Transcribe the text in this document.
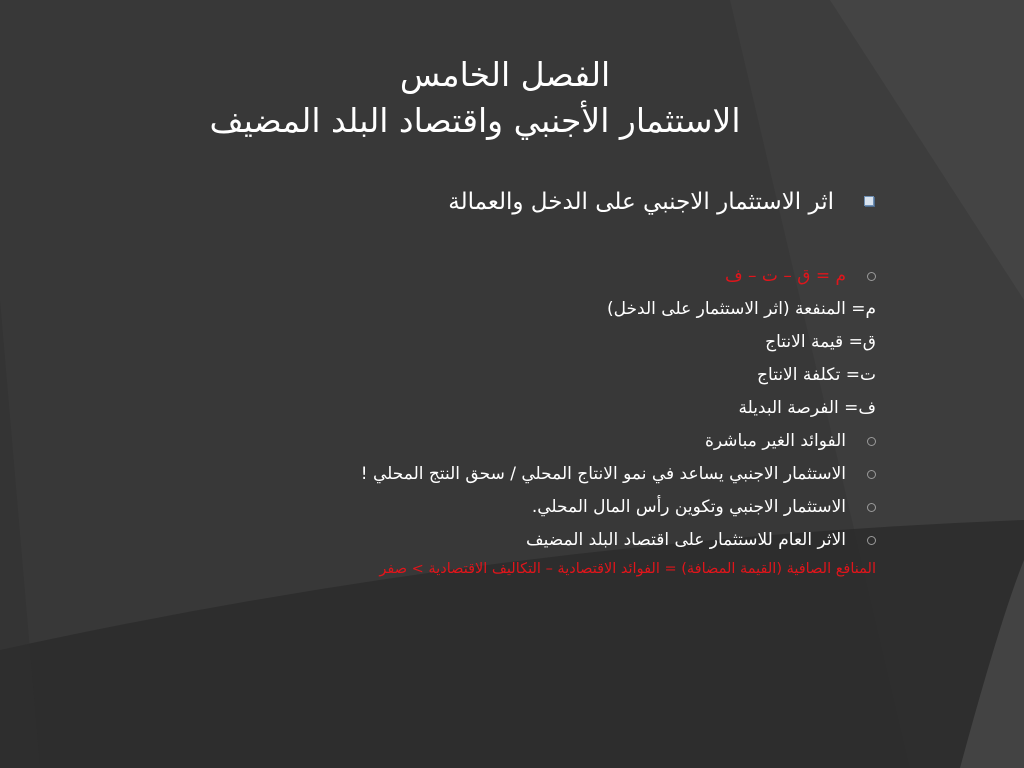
الفصل الخامس
الاستثمار الأجنبي واقتصاد البلد المضيف
اثر الاستثمار الاجنبي على الدخل والعمالة
م = ق – ت – ف
م= المنفعة (اثر الاستثمار على الدخل)
ق= قيمة الانتاج
ت= تكلفة الانتاج
ف= الفرصة البديلة
الفوائد الغير مباشرة
الاستثمار الاجنبي يساعد في نمو الانتاج المحلي / سحق النتج المحلي !
الاستثمار الاجنبي وتكوين رأس المال المحلي.
الاثر العام للاستثمار على اقتصاد البلد المضيف
المنافع الصافية (القيمة المضافة) = الفوائد الاقتصادية – التكاليف الاقتصادية > صفر
